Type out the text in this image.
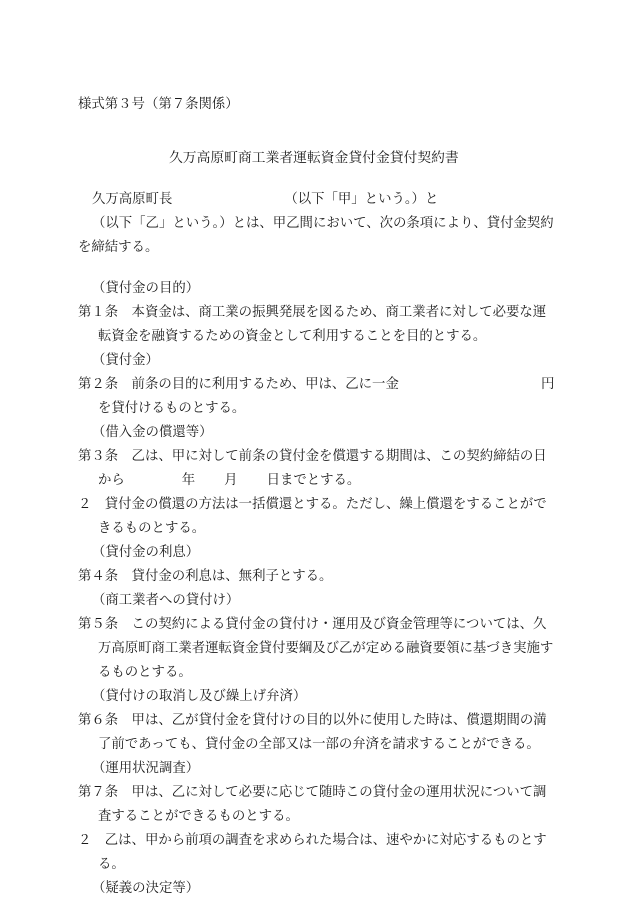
様式第３号（第７条関係）
久万高原町商工業者運転資金貸付金貸付契約書
久万高原町長	（以下「甲」という。）と
（以下「乙」という。）とは、甲乙間において、次の条項により、貸付金契約
を締結する。
（貸付金の目的）
第１条　本資金は、商工業の振興発展を図るため、商工業者に対して必要な運
転資金を融資するための資金として利用することを目的とする。
（貸付金）
第２条　前条の目的に利用するため、甲は、乙に一金	円
を貸付けるものとする。
（借入金の償還等）
第３条　乙は、甲に対して前条の貸付金を償還する期間は、この契約締結の日
から	年 月 日までとする。
２　貸付金の償還の方法は一括償還とする。ただし、繰上償還をすることがで
きるものとする。
（貸付金の利息）
第４条　貸付金の利息は、無利子とする。
（商工業者への貸付け）
第５条　この契約による貸付金の貸付け・運用及び資金管理等については、久
万高原町商工業者運転資金貸付要綱及び乙が定める融資要領に基づき実施す
るものとする。
（貸付けの取消し及び繰上げ弁済）
第６条　甲は、乙が貸付金を貸付けの目的以外に使用した時は、償還期間の満
了前であっても、貸付金の全部又は一部の弁済を請求することができる。
（運用状況調査）
第７条　甲は、乙に対して必要に応じて随時この貸付金の運用状況について調
査することができるものとする。
２　乙は、甲から前項の調査を求められた場合は、速やかに対応するものとす
る。
（疑義の決定等）
